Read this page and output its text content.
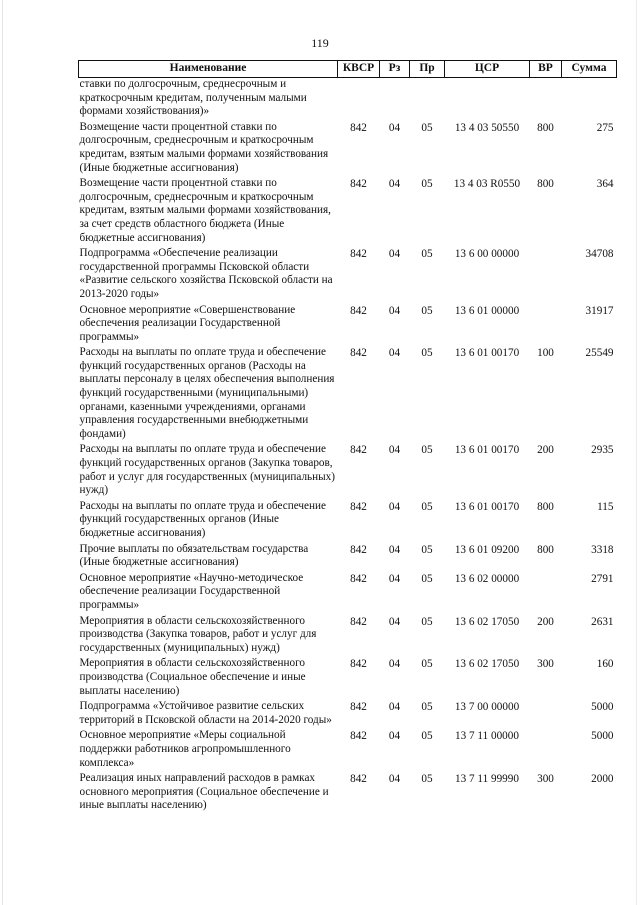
119
Наименование	КВСР	Рз	Пр	ЦСР	ВР	Сумма
ставки по долгосрочным, среднесрочным и краткосрочным кредитам, полученным малыми формами хозяйствования)»						
Возмещение части процентной ставки по долгосрочным, среднесрочным и краткосрочным кредитам, взятым малыми формами хозяйствования (Иные бюджетные ассигнования)	842	04	05	13 4 03 50550	800	275
Возмещение части процентной ставки по долгосрочным, среднесрочным и краткосрочным кредитам, взятым малыми формами хозяйствования, за счет средств областного бюджета (Иные бюджетные ассигнования)	842	04	05	13 4 03 R0550	800	364
Подпрограмма «Обеспечение реализации государственной программы Псковской области «Развитие сельского хозяйства Псковской области на 2013-2020 годы»	842	04	05	13 6 00 00000		34708
Основное мероприятие «Совершенствование обеспечения реализации Государственной программы»	842	04	05	13 6 01 00000		31917
Расходы на выплаты по оплате труда и обеспечение функций государственных органов (Расходы на выплаты персоналу в целях обеспечения выполнения функций государственными (муниципальными) органами, казенными учреждениями, органами управления государственными внебюджетными фондами)	842	04	05	13 6 01 00170	100	25549
Расходы на выплаты по оплате труда и обеспечение функций государственных органов (Закупка товаров, работ и услуг для государственных (муниципальных) нужд)	842	04	05	13 6 01 00170	200	2935
Расходы на выплаты по оплате труда и обеспечение функций государственных органов (Иные бюджетные ассигнования)	842	04	05	13 6 01 00170	800	115
Прочие выплаты по обязательствам государства (Иные бюджетные ассигнования)	842	04	05	13 6 01 09200	800	3318
Основное мероприятие «Научно-методическое обеспечение реализации Государственной программы»	842	04	05	13 6 02 00000		2791
Мероприятия в области сельскохозяйственного производства (Закупка товаров, работ и услуг для государственных (муниципальных) нужд)	842	04	05	13 6 02 17050	200	2631
Мероприятия в области сельскохозяйственного производства (Социальное обеспечение и иные выплаты населению)	842	04	05	13 6 02 17050	300	160
Подпрограмма «Устойчивое развитие сельских территорий в Псковской области на 2014-2020 годы»	842	04	05	13 7 00 00000		5000
Основное мероприятие «Меры социальной поддержки работников агропромышленного комплекса»	842	04	05	13 7 11 00000		5000
Реализация иных направлений расходов в рамках основного мероприятия (Социальное обеспечение и иные выплаты населению)	842	04	05	13 7 11 99990	300	2000
